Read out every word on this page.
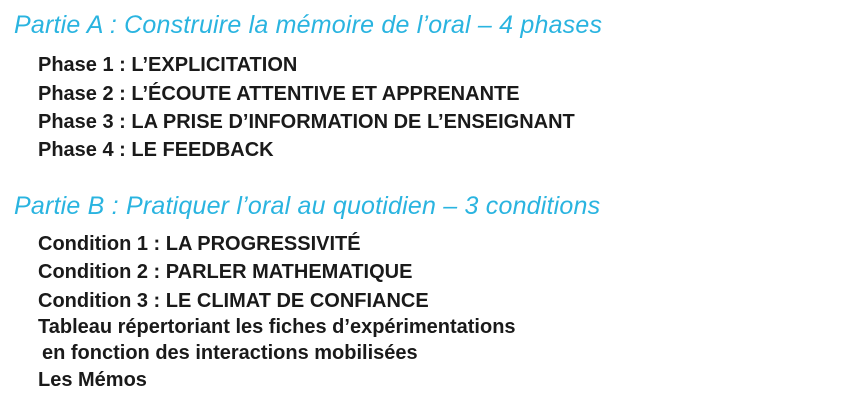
Partie A : Construire la mémoire de l’oral – 4 phases
Phase 1 : L’EXPLICITATION
Phase 2 : L’ÉCOUTE ATTENTIVE ET APPRENANTE
Phase 3 : LA PRISE D’INFORMATION DE L’ENSEIGNANT
Phase 4 : LE FEEDBACK
Partie B : Pratiquer l’oral au quotidien – 3 conditions
Condition 1 : LA PROGRESSIVITÉ
Condition 2 : PARLER MATHEMATIQUE
Condition 3 : LE CLIMAT DE CONFIANCE
Tableau répertoriant les fiches d’expérimentations
en fonction des interactions mobilisées
Les Mémos
